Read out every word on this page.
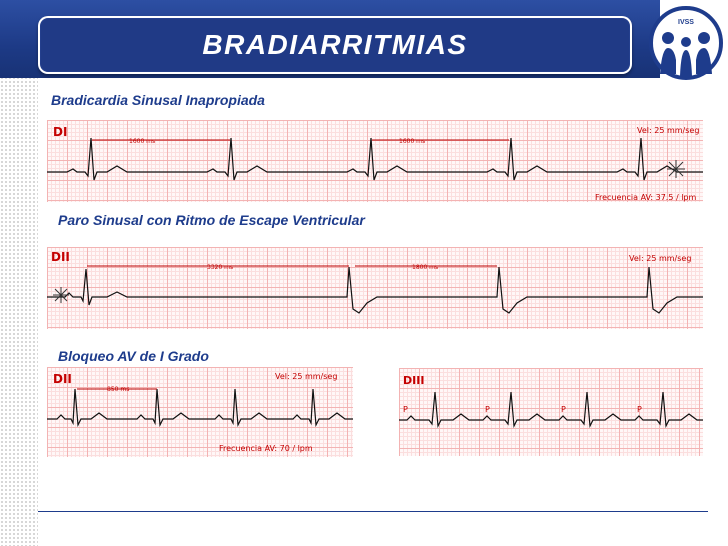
BRADIARRITMIAS
IVSS
Bradicardia Sinusal Inapropiada
DI
1600 ms	1600 ms
Vel: 25 mm/seg
Frecuencia AV: 37.5 / lpm
Paro Sinusal con Ritmo de Escape Ventricular
DII
3320 ms	1800 ms
Vel: 25 mm/seg
Bloqueo AV de I Grado
DII
850 ms
Vel: 25 mm/seg
Frecuencia AV: 70 / lpm
DIII
P	P	P
P
